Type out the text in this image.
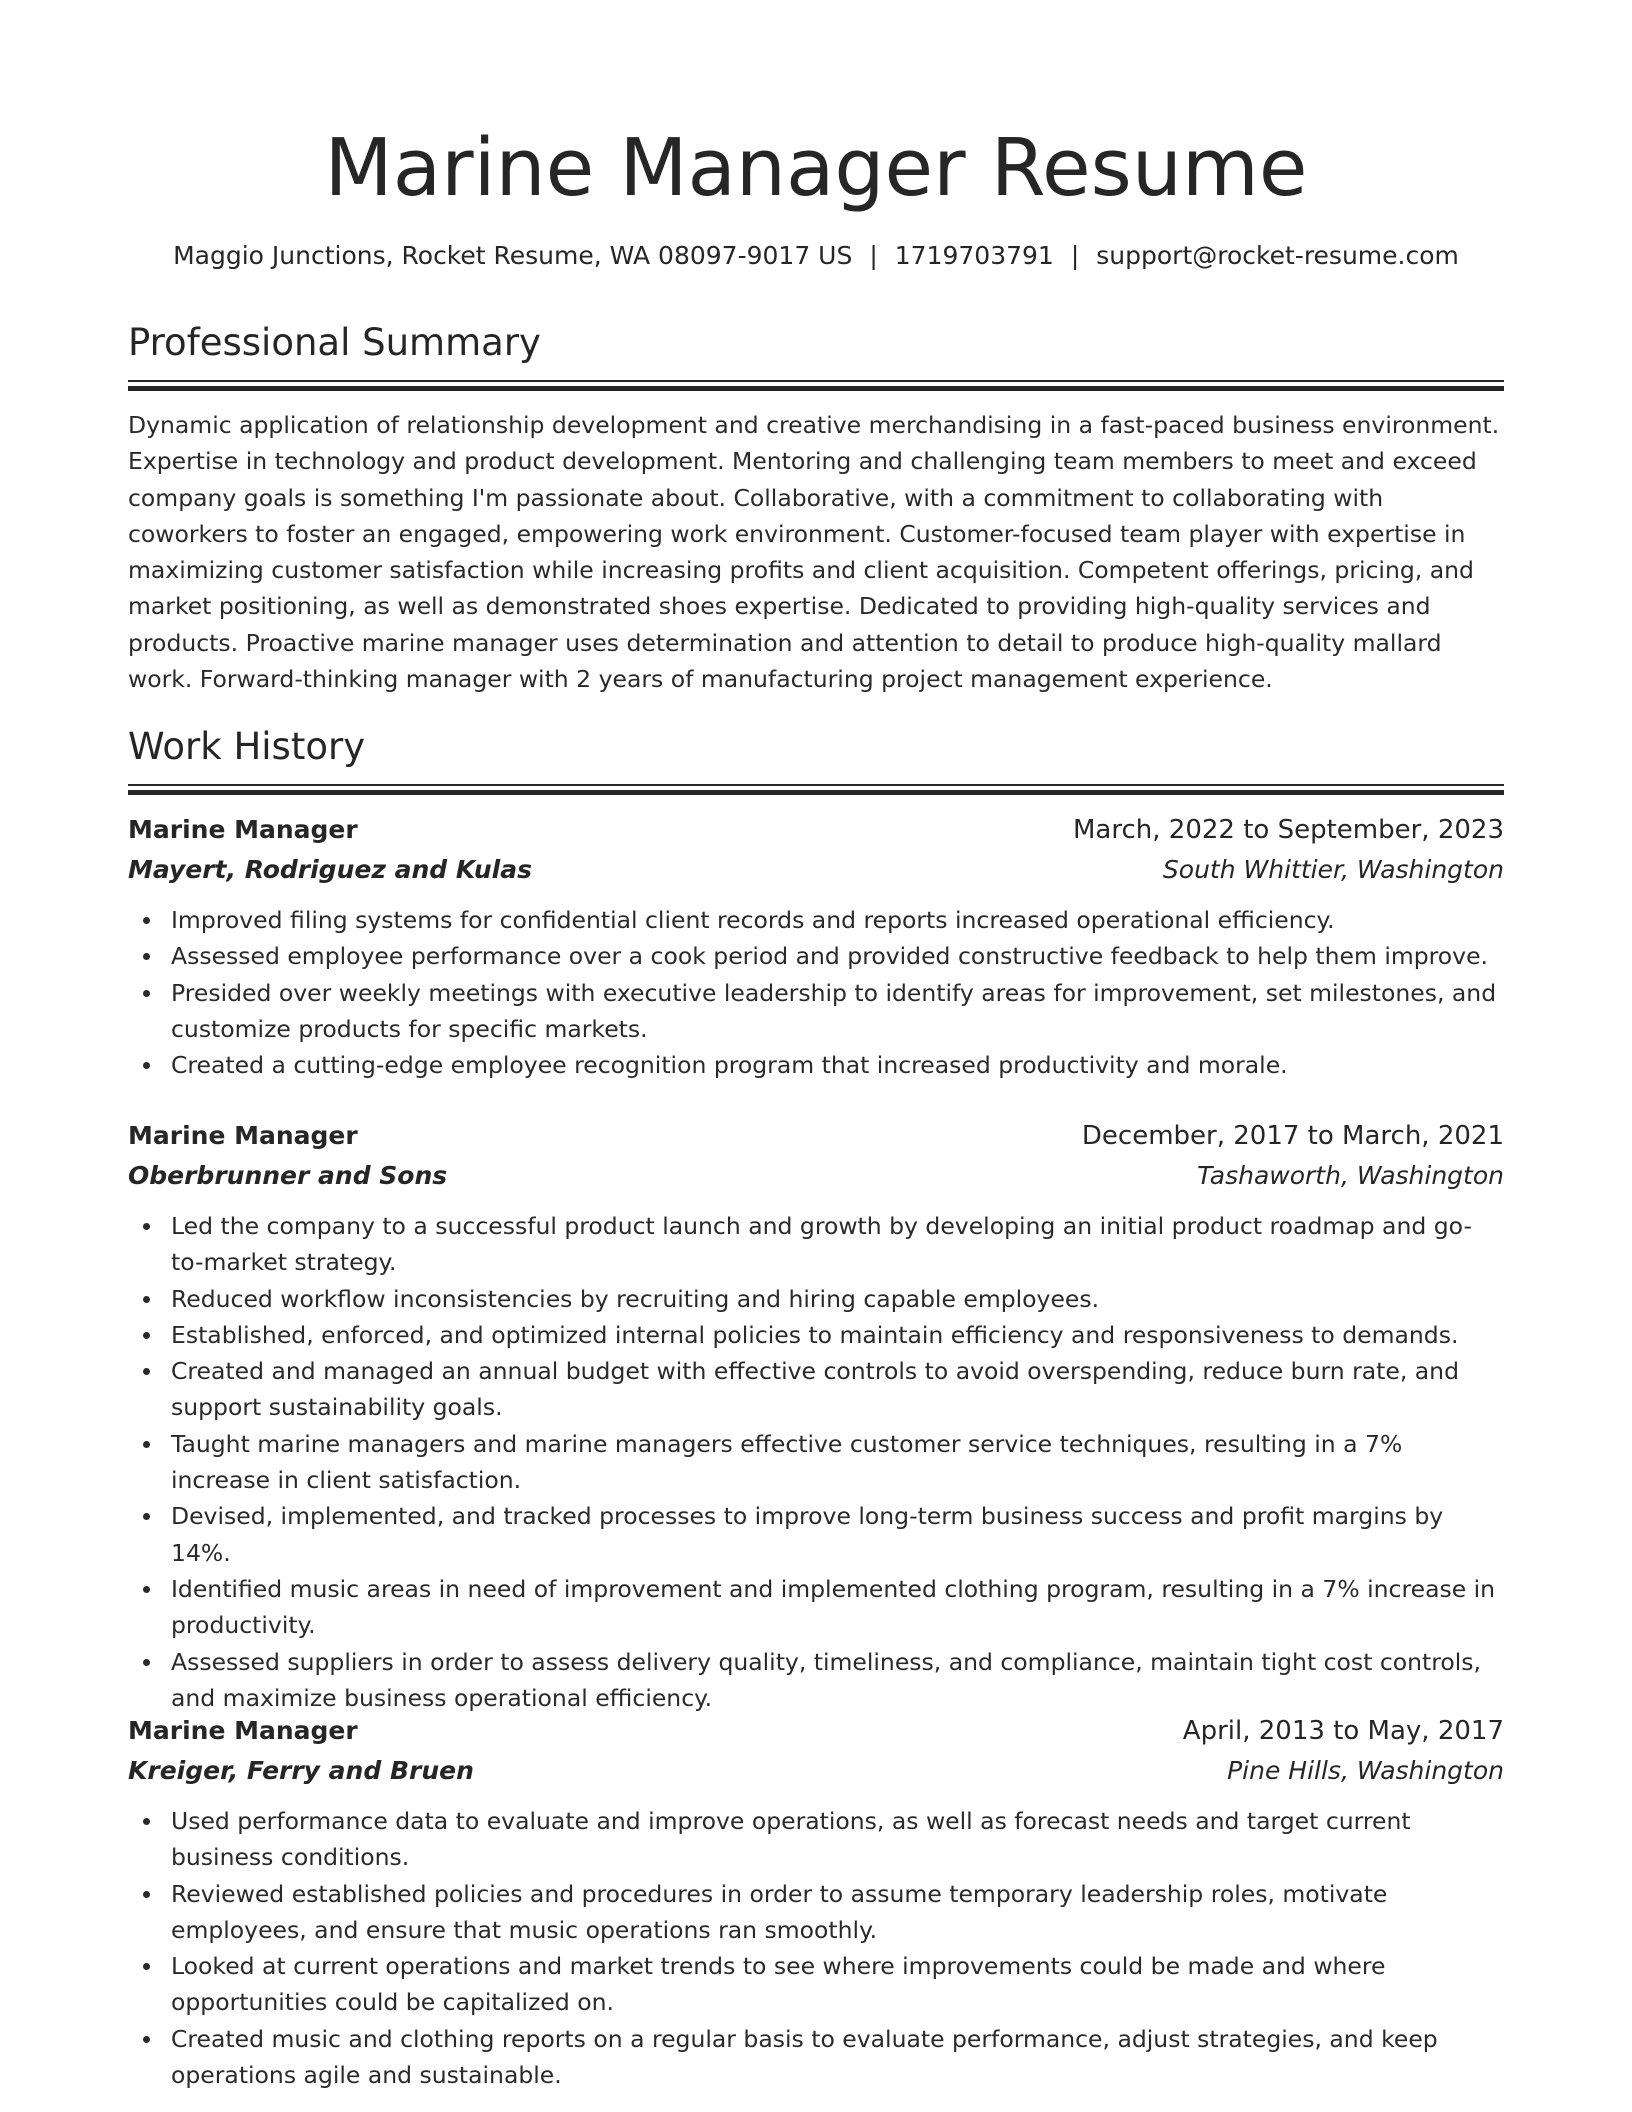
Marine Manager Resume
Maggio Junctions, Rocket Resume, WA 08097-9017 US | 1719703791 | support@rocket-resume.com
Professional Summary

Dynamic application of relationship development and creative merchandising in a fast-paced business environment. Expertise in technology and product development. Mentoring and challenging team members to meet and exceed company goals is something I'm passionate about. Collaborative, with a commitment to collaborating with coworkers to foster an engaged, empowering work environment. Customer-focused team player with expertise in maximizing customer satisfaction while increasing profits and client acquisition. Competent offerings, pricing, and market positioning, as well as demonstrated shoes expertise. Dedicated to providing high-quality services and products. Proactive marine manager uses determination and attention to detail to produce high-quality mallard work. Forward-thinking manager with 2 years of manufacturing project management experience.

Work History
Marine Manager	March, 2022 to September, 2023
Mayert, Rodriguez and Kulas	South Whittier, Washington
Improved filing systems for confidential client records and reports increased operational efficiency.
Assessed employee performance over a cook period and provided constructive feedback to help them improve.
Presided over weekly meetings with executive leadership to identify areas for improvement, set milestones, and customize products for specific markets.
Created a cutting-edge employee recognition program that increased productivity and morale.
Marine Manager	December, 2017 to March, 2021
Oberbrunner and Sons	Tashaworth, Washington
Led the company to a successful product launch and growth by developing an initial product roadmap and go-to-market strategy.
Reduced workflow inconsistencies by recruiting and hiring capable employees.
Established, enforced, and optimized internal policies to maintain efficiency and responsiveness to demands.
Created and managed an annual budget with effective controls to avoid overspending, reduce burn rate, and support sustainability goals.
Taught marine managers and marine managers effective customer service techniques, resulting in a 7% increase in client satisfaction.
Devised, implemented, and tracked processes to improve long-term business success and profit margins by 14%.
Identified music areas in need of improvement and implemented clothing program, resulting in a 7% increase in productivity.
Assessed suppliers in order to assess delivery quality, timeliness, and compliance, maintain tight cost controls, and maximize business operational efficiency.
Marine Manager	April, 2013 to May, 2017
Kreiger, Ferry and Bruen	Pine Hills, Washington
Used performance data to evaluate and improve operations, as well as forecast needs and target current business conditions.
Reviewed established policies and procedures in order to assume temporary leadership roles, motivate employees, and ensure that music operations ran smoothly.
Looked at current operations and market trends to see where improvements could be made and where opportunities could be capitalized on.
Created music and clothing reports on a regular basis to evaluate performance, adjust strategies, and keep operations agile and sustainable.
